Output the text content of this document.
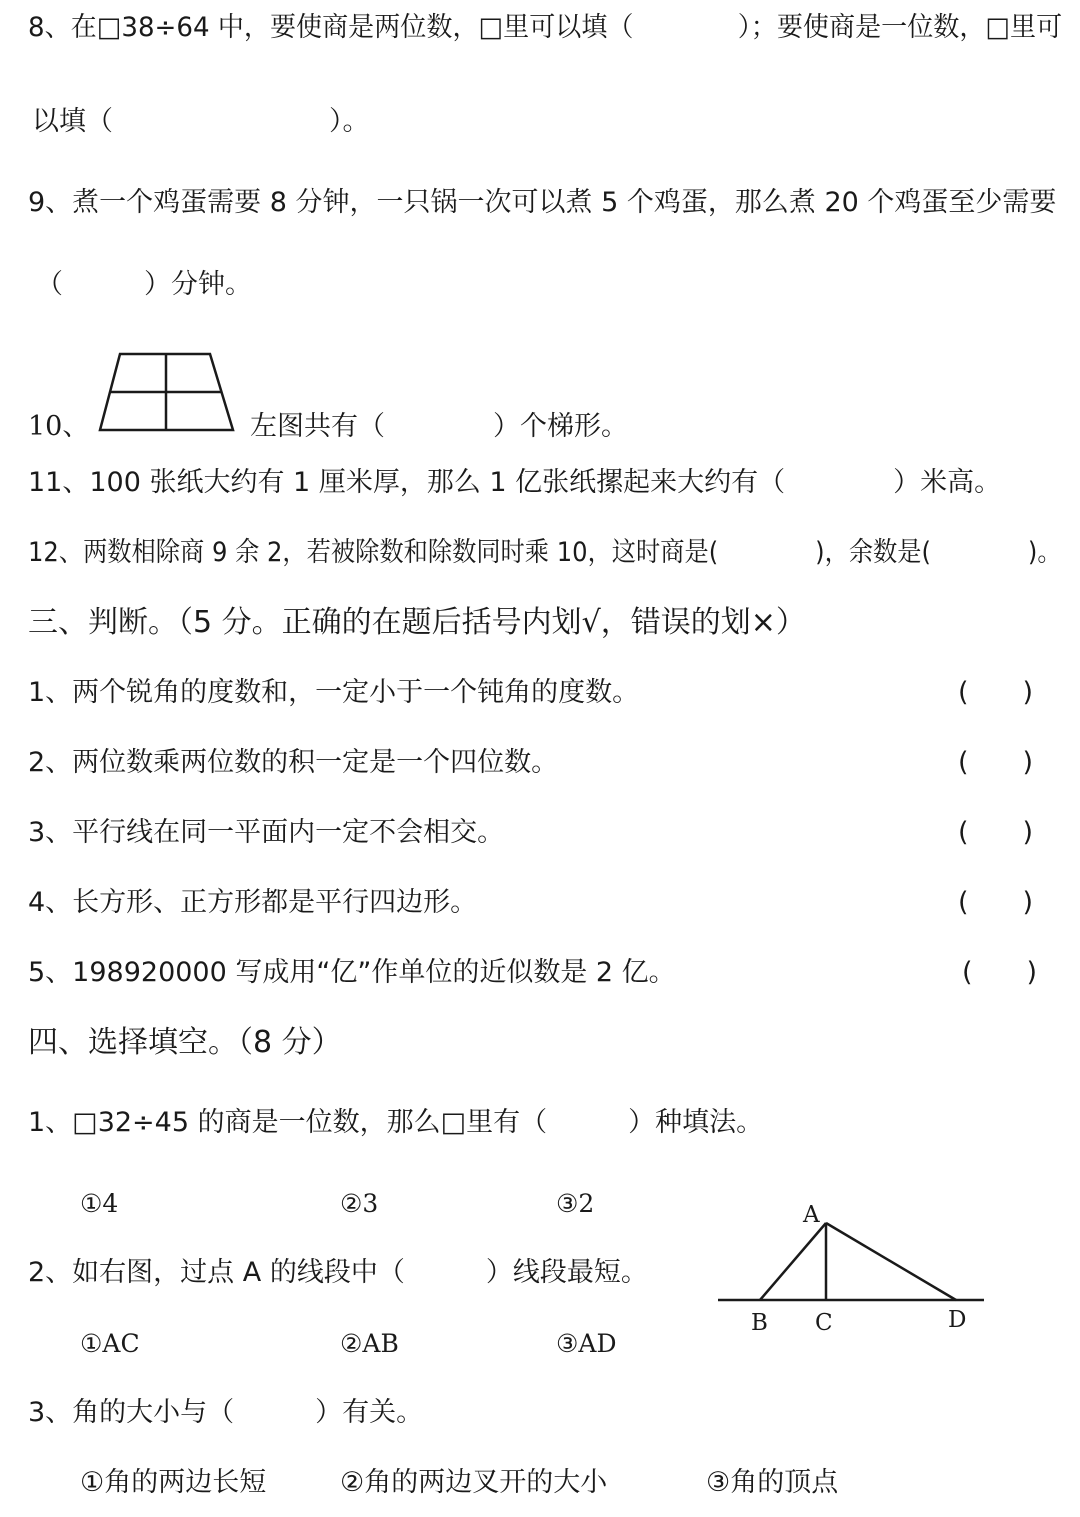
8、在□38÷64 中，要使商是两位数，□里可以填（　　　　）；要使商是一位数，□里可
以填（　　　　　　　　）。
9、煮一个鸡蛋需要 8 分钟，一只锅一次可以煮 5 个鸡蛋，那么煮 20 个鸡蛋至少需要
（　　　）分钟。
10、	左图共有（　　　　）个梯形。
11、100 张纸大约有 1 厘米厚，那么 1 亿张纸摞起来大约有（　　　　）米高。
12、两数相除商 9 余 2，若被除数和除数同时乘 10，这时商是(　　　　)，余数是(　　　　)。
三、判断。（5 分。正确的在题后括号内划√，错误的划×）
1、两个锐角的度数和，一定小于一个钝角的度数。	(　　)
2、两位数乘两位数的积一定是一个四位数。	(　　)
3、平行线在同一平面内一定不会相交。	(　　)
4、长方形、正方形都是平行四边形。	(　　)
5、198920000 写成用“亿”作单位的近似数是 2 亿。	(　　)
四、选择填空。（8 分）
1、□32÷45 的商是一位数，那么□里有（　　　）种填法。
①4	②3	③2
2、如右图，过点 A 的线段中（　　　）线段最短。
①AC	②AB	③AD
A
B C	D
3、角的大小与（　　　）有关。
①角的两边长短	②角的两边叉开的大小	③角的顶点
